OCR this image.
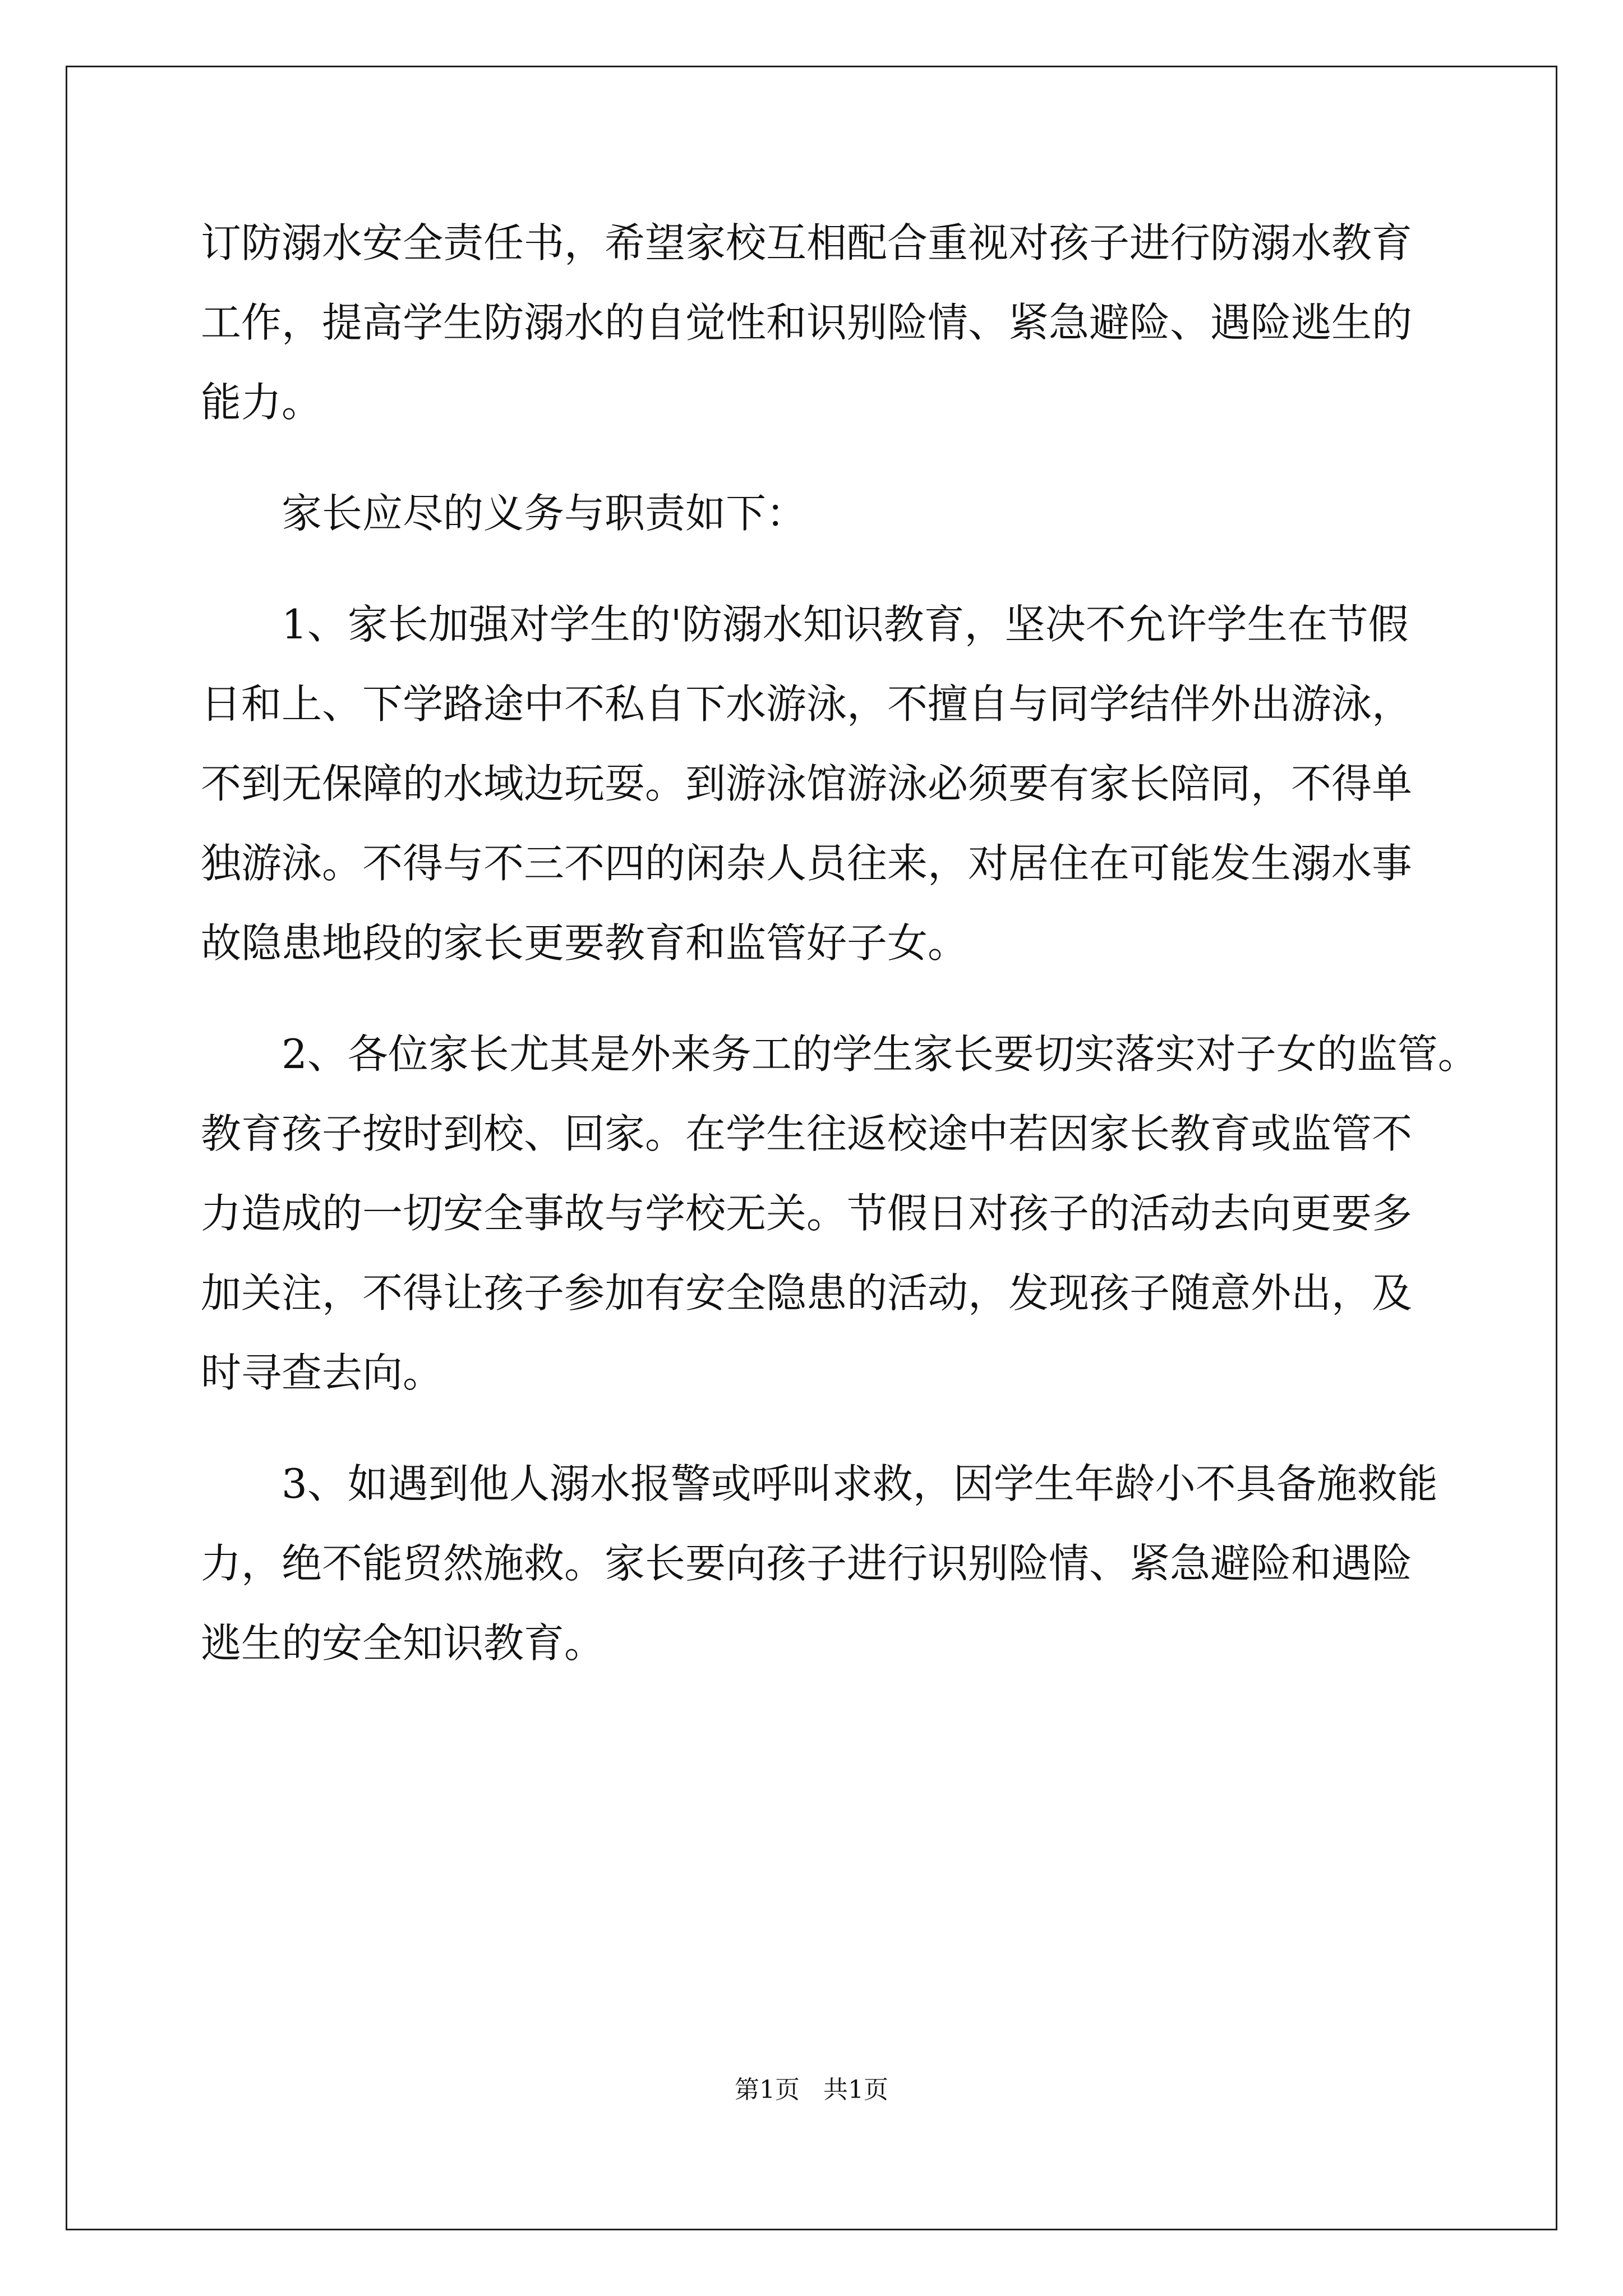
订防溺水安全责任书，希望家校互相配合重视对孩子进行防溺水教育
工作，提高学生防溺水的自觉性和识别险情、紧急避险、遇险逃生的
能力。
家长应尽的义务与职责如下：
1、家长加强对学生的'防溺水知识教育，坚决不允许学生在节假
日和上、下学路途中不私自下水游泳，不擅自与同学结伴外出游泳，
不到无保障的水域边玩耍。到游泳馆游泳必须要有家长陪同，不得单
独游泳。不得与不三不四的闲杂人员往来，对居住在可能发生溺水事
故隐患地段的家长更要教育和监管好子女。
2、各位家长尤其是外来务工的学生家长要切实落实对子女的监管。
教育孩子按时到校、回家。在学生往返校途中若因家长教育或监管不
力造成的一切安全事故与学校无关。节假日对孩子的活动去向更要多
加关注，不得让孩子参加有安全隐患的活动，发现孩子随意外出，及
时寻查去向。
3、如遇到他人溺水报警或呼叫求救，因学生年龄小不具备施救能
力，绝不能贸然施救。家长要向孩子进行识别险情、紧急避险和遇险
逃生的安全知识教育。
第1页 共1页
